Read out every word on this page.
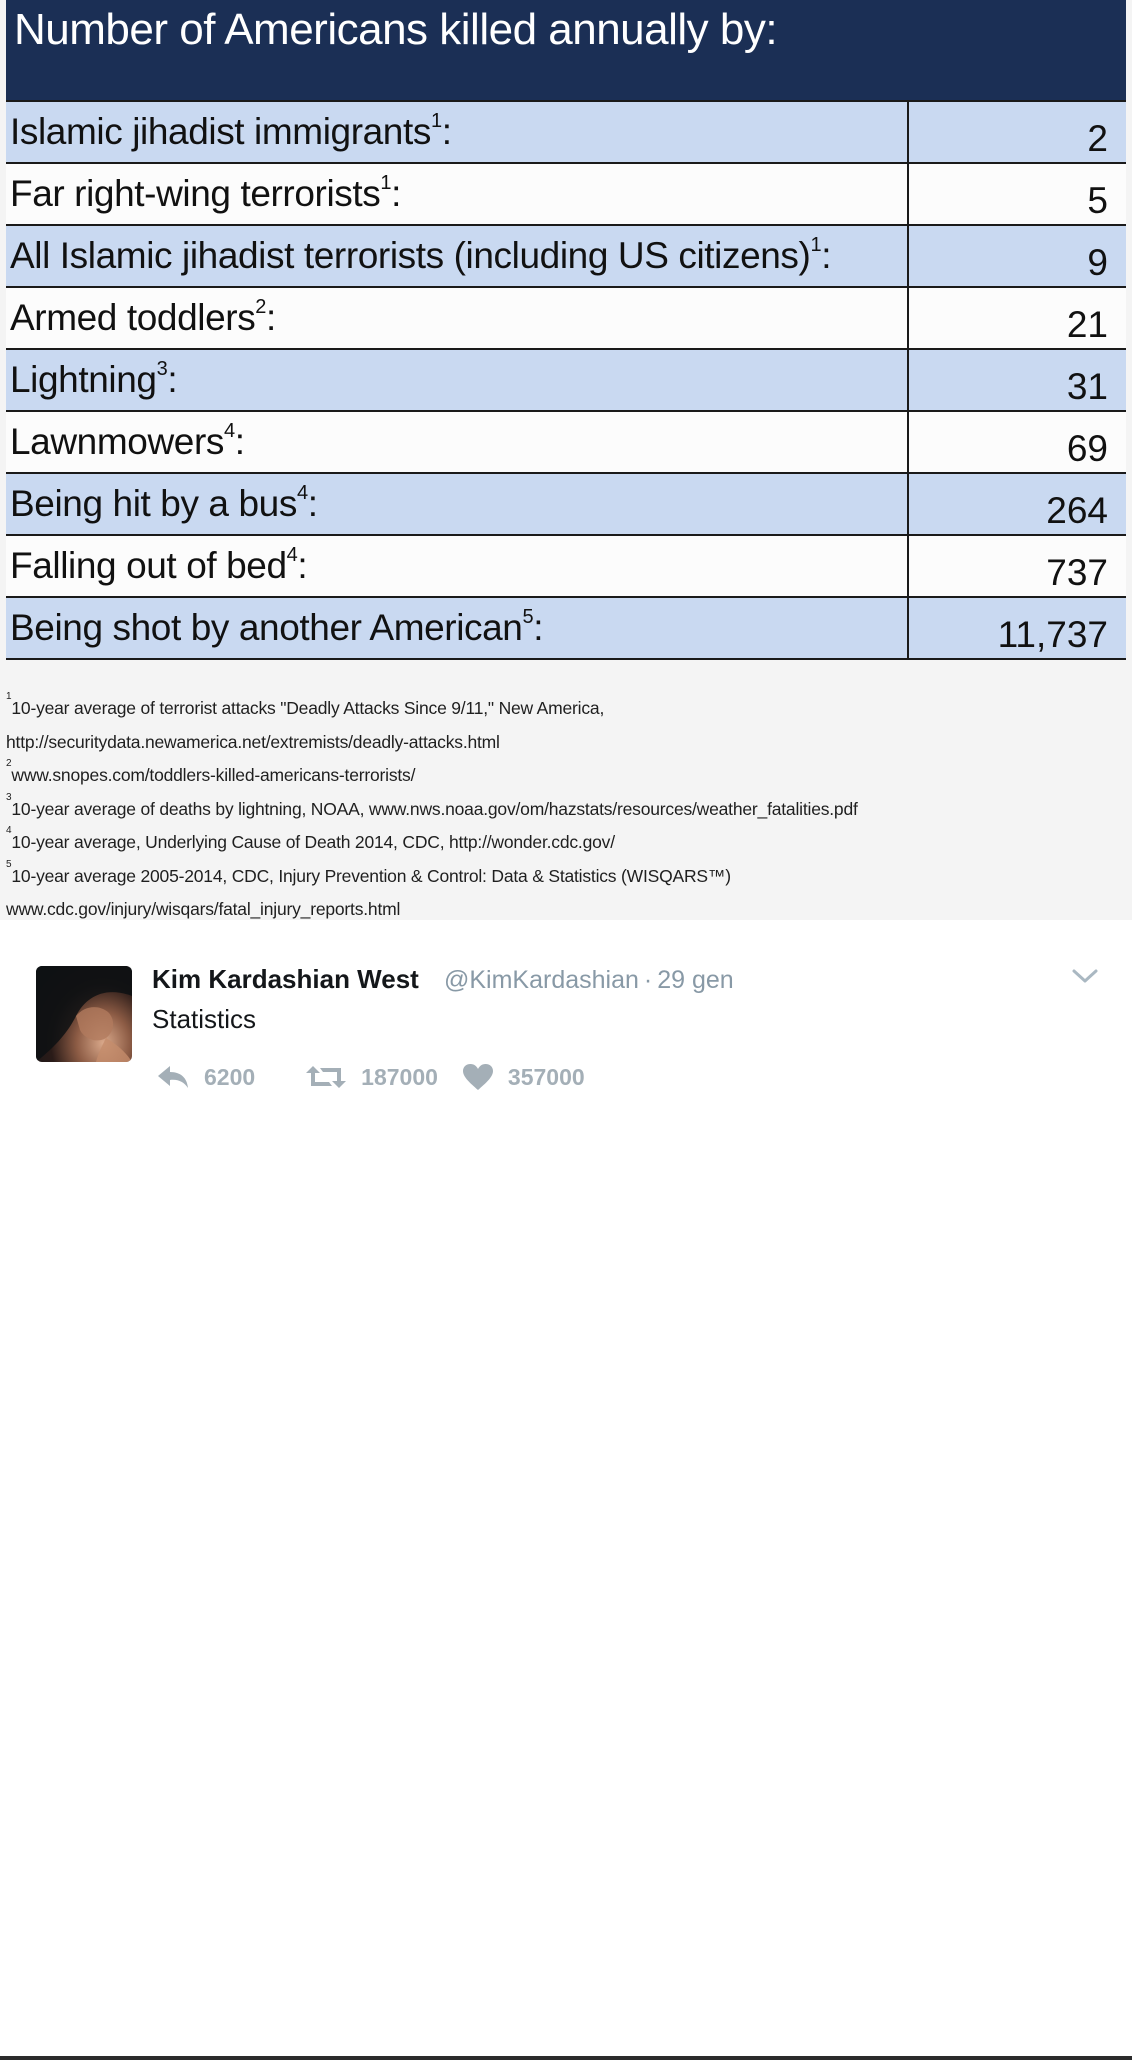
Number of Americans killed annually by:
Islamic jihadist immigrants$^1$:	2
Far right-wing terrorists$^1$:	5
All Islamic jihadist terrorists (including US citizens)$^1$:	9
Armed toddlers$^2$:	21
Lightning$^3$:	31
Lawnmowers$^4$:	69
Being hit by a bus$^4$:	264
Falling out of bed$^4$:	737
Being shot by another American$^5$:	11,737
$^1$10-year average of terrorist attacks "Deadly Attacks Since 9/11," New America,
http://securitydata.newamerica.net/extremists/deadly-attacks.html
$^2$www.snopes.com/toddlers-killed-americans-terrorists/
$^3$10-year average of deaths by lightning, NOAA, www.nws.noaa.gov/om/hazstats/resources/weather_fatalities.pdf
$^4$10-year average, Underlying Cause of Death 2014, CDC, http://wonder.cdc.gov/
$^5$10-year average 2005-2014, CDC, Injury Prevention & Control: Data & Statistics (WISQARS™)
www.cdc.gov/injury/wisqars/fatal_injury_reports.html
Kim Kardashian West @KimKardashian · 29 gen
Statistics
6200	187000	357000
